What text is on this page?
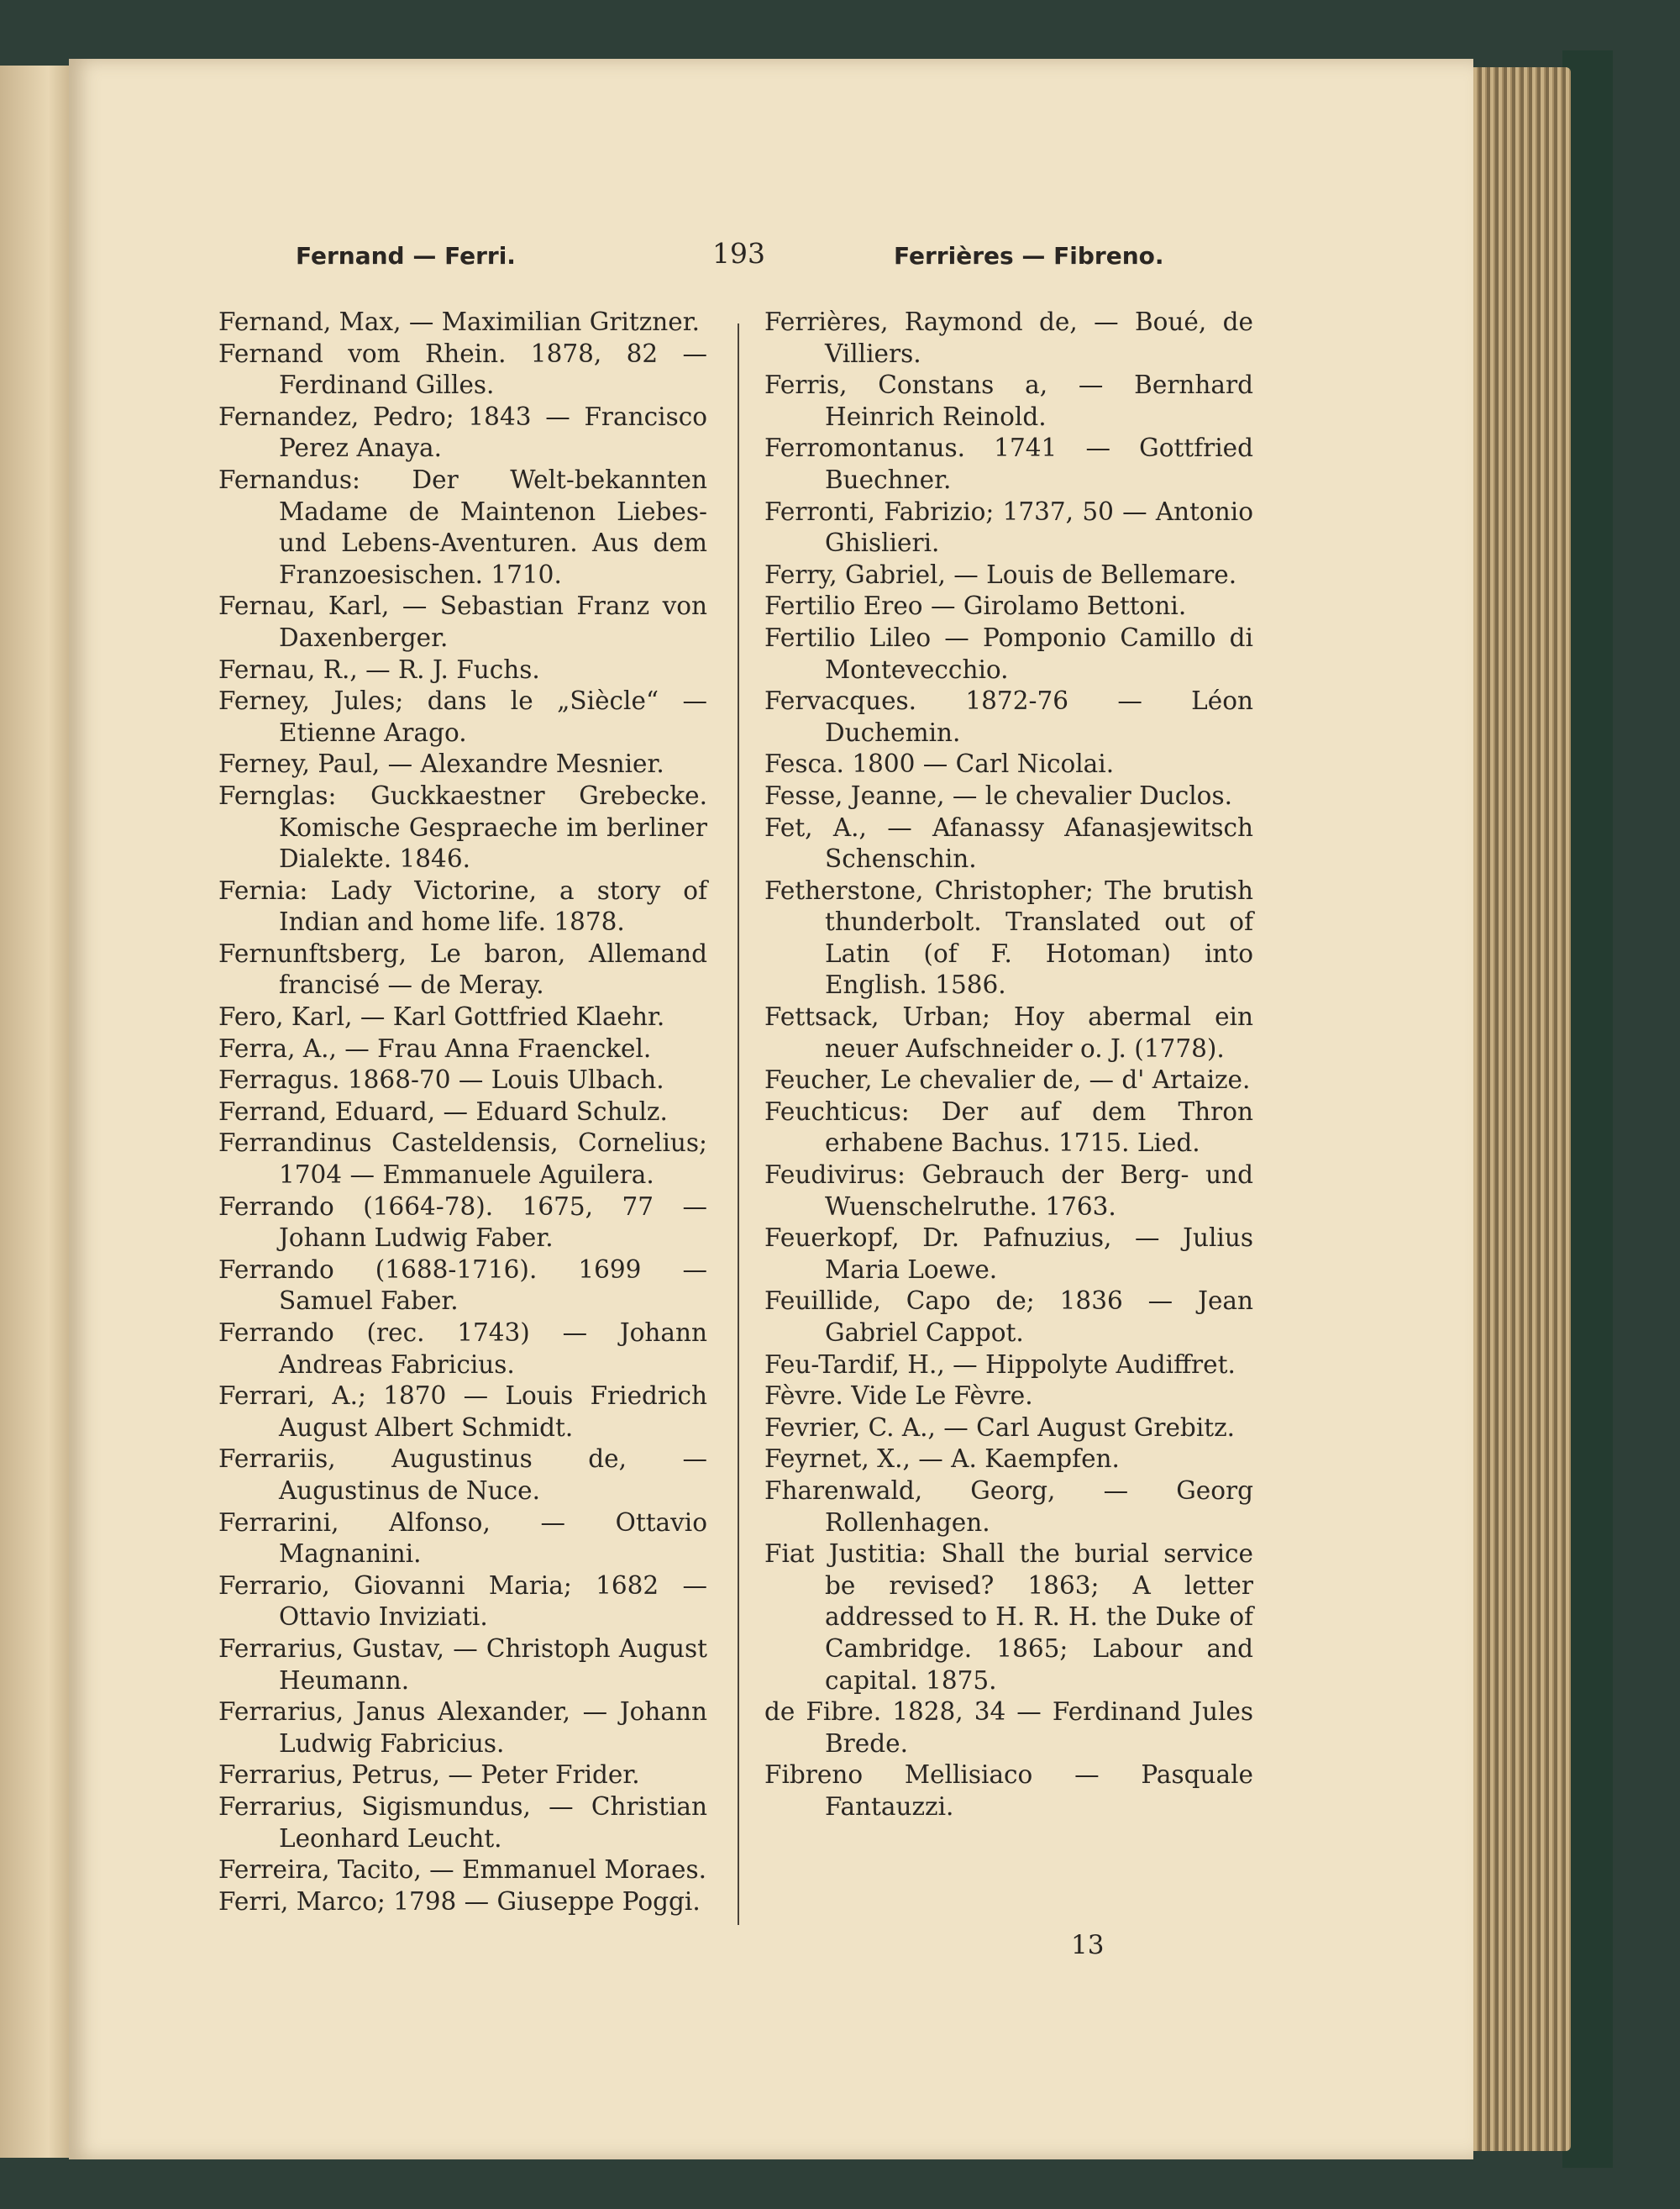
Fernand — Ferri.	193	Ferrières — Fibreno.

Fernand, Max, — Maximilian Gritzner.

Fernand vom Rhein. 1878, 82 — Ferdinand Gilles.

Fernandez, Pedro; 1843 — Francisco Perez Anaya.

Fernandus: Der Welt-bekannten Madame de Maintenon Liebes- und Lebens-Aventuren. Aus dem Franzoesischen. 1710.

Fernau, Karl, — Sebastian Franz von Daxenberger.

Fernau, R., — R. J. Fuchs.

Ferney, Jules; dans le „Siècle“ — Etienne Arago.

Ferney, Paul, — Alexandre Mesnier.

Fernglas: Guckkaestner Grebecke. Komische Gespraeche im berliner Dialekte. 1846.

Fernia: Lady Victorine, a story of Indian and home life. 1878.

Fernunftsberg, Le baron, Allemand francisé — de Meray.

Fero, Karl, — Karl Gottfried Klaehr.

Ferra, A., — Frau Anna Fraenckel.

Ferragus. 1868-70 — Louis Ulbach.

Ferrand, Eduard, — Eduard Schulz.

Ferrandinus Casteldensis, Cornelius; 1704 — Emmanuele Aguilera.

Ferrando (1664-78). 1675, 77 — Johann Ludwig Faber.

Ferrando (1688-1716). 1699 — Samuel Faber.

Ferrando (rec. 1743) — Johann Andreas Fabricius.

Ferrari, A.; 1870 — Louis Friedrich August Albert Schmidt.

Ferrariis, Augustinus de, — Augustinus de Nuce.

Ferrarini, Alfonso, — Ottavio Magnanini.

Ferrario, Giovanni Maria; 1682 — Ottavio Inviziati.

Ferrarius, Gustav, — Christoph August Heumann.

Ferrarius, Janus Alexander, — Johann Ludwig Fabricius.

Ferrarius, Petrus, — Peter Frider.

Ferrarius, Sigismundus, — Christian Leonhard Leucht.

Ferreira, Tacito, — Emmanuel Moraes.

Ferri, Marco; 1798 — Giuseppe Poggi.

Ferrières, Raymond de, — Boué, de Villiers.

Ferris, Constans a, — Bernhard Heinrich Reinold.

Ferromontanus. 1741 — Gottfried Buechner.

Ferronti, Fabrizio; 1737, 50 — Antonio Ghislieri.

Ferry, Gabriel, — Louis de Bellemare.

Fertilio Ereo — Girolamo Bettoni.

Fertilio Lileo — Pomponio Camillo di Montevecchio.

Fervacques. 1872-76 — Léon Duchemin.

Fesca. 1800 — Carl Nicolai.

Fesse, Jeanne, — le chevalier Duclos.

Fet, A., — Afanassy Afanasjewitsch Schenschin.

Fetherstone, Christopher; The brutish thunderbolt. Translated out of Latin (of F. Hotoman) into English. 1586.

Fettsack, Urban; Hoy abermal ein neuer Aufschneider o. J. (1778).

Feucher, Le chevalier de, — d' Artaize.

Feuchticus: Der auf dem Thron erhabene Bachus. 1715. Lied.

Feudivirus: Gebrauch der Berg- und Wuenschelruthe. 1763.

Feuerkopf, Dr. Pafnuzius, — Julius Maria Loewe.

Feuillide, Capo de; 1836 — Jean Gabriel Cappot.

Feu-Tardif, H., — Hippolyte Audiffret.

Fèvre. Vide Le Fèvre.

Fevrier, C. A., — Carl August Grebitz.

Feyrnet, X., — A. Kaempfen.

Fharenwald, Georg, — Georg Rollenhagen.

Fiat Justitia: Shall the burial service be revised? 1863; A letter addressed to H. R. H. the Duke of Cambridge. 1865; Labour and capital. 1875.

de Fibre. 1828, 34 — Ferdinand Jules Brede.

Fibreno Mellisiaco — Pasquale Fantauzzi.

13
